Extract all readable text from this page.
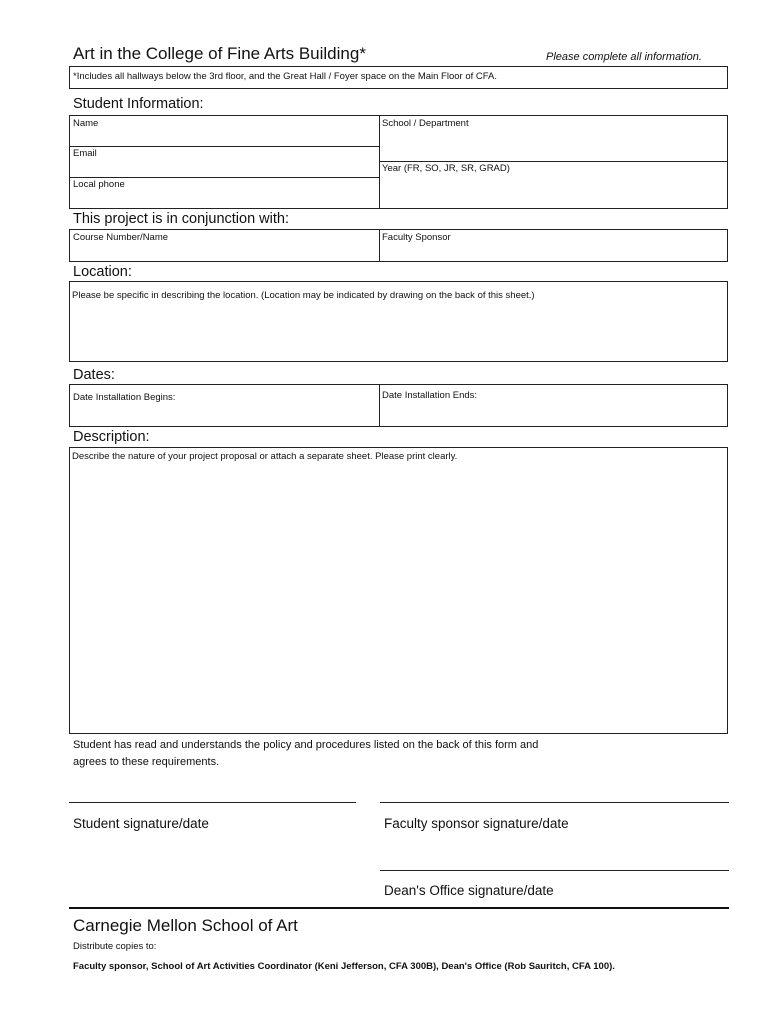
Art in the College of Fine Arts Building*	Please complete all information.
*Includes all hallways below the 3rd floor, and the Great Hall / Foyer space on the Main Floor of CFA.
Student Information:
Name	School / Department
Email
Year (FR, SO, JR, SR, GRAD)
Local phone
This project is in conjunction with:
Course Number/Name	Faculty Sponsor
Location:
Please be specific in describing the location. (Location may be indicated by drawing on the back of this sheet.)
Dates:
Date Installation Begins:	Date Installation Ends:
Description:
Describe the nature of your project proposal or attach a separate sheet. Please print clearly.
Student has read and understands the policy and procedures listed on the back of this form and
agrees to these requirements.
Student signature/date	Faculty sponsor signature/date
Dean's Office signature/date
Carnegie Mellon School of Art
Distribute copies to:
Faculty sponsor, School of Art Activities Coordinator (Keni Jefferson, CFA 300B), Dean's Office (Rob Sauritch, CFA 100).
